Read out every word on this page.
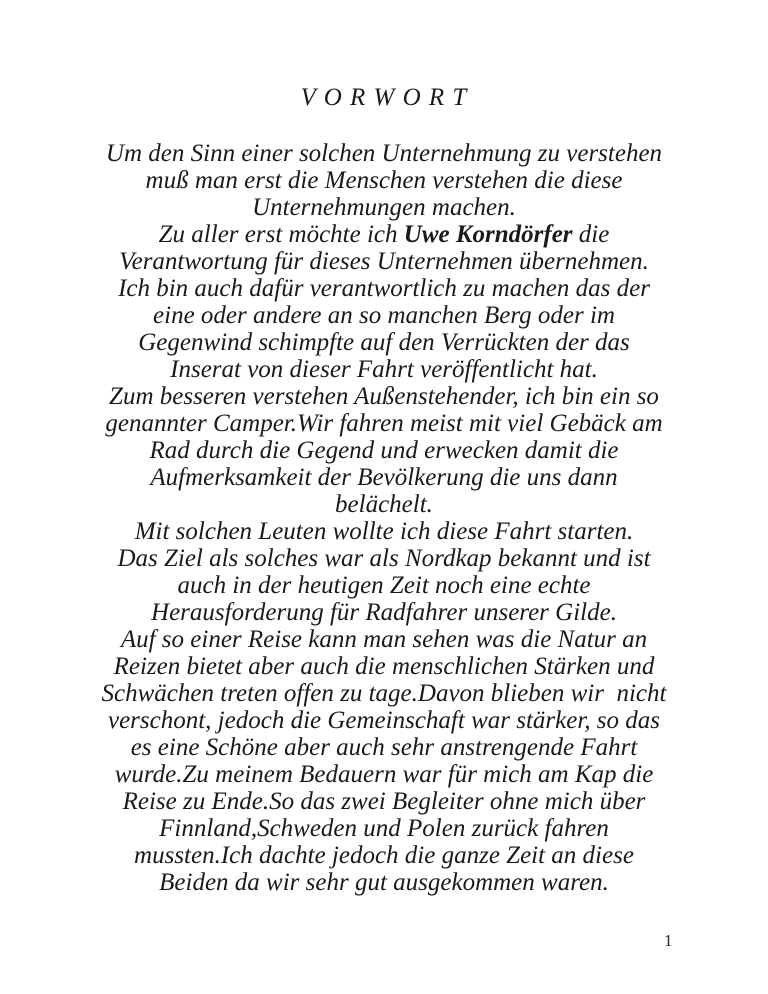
V O R W O R T
Um den Sinn einer solchen Unternehmung zu verstehen
muß man erst die Menschen verstehen die diese
Unternehmungen machen.
Zu aller erst möchte ich Uwe Korndörfer die
Verantwortung für dieses Unternehmen übernehmen.
Ich bin auch dafür verantwortlich zu machen das der
eine oder andere an so manchen Berg oder im
Gegenwind schimpfte auf den Verrückten der das
Inserat von dieser Fahrt veröffentlicht hat.
Zum besseren verstehen Außenstehender, ich bin ein so
genannter Camper.Wir fahren meist mit viel Gebäck am
Rad durch die Gegend und erwecken damit die
Aufmerksamkeit der Bevölkerung die uns dann
belächelt.
Mit solchen Leuten wollte ich diese Fahrt starten.
Das Ziel als solches war als Nordkap bekannt und ist
auch in der heutigen Zeit noch eine echte
Herausforderung für Radfahrer unserer Gilde.
Auf so einer Reise kann man sehen was die Natur an
Reizen bietet aber auch die menschlichen Stärken und
Schwächen treten offen zu tage.Davon blieben wir  nicht
verschont, jedoch die Gemeinschaft war stärker, so das
es eine Schöne aber auch sehr anstrengende Fahrt
wurde.Zu meinem Bedauern war für mich am Kap die
Reise zu Ende.So das zwei Begleiter ohne mich über
Finnland,Schweden und Polen zurück fahren
mussten.Ich dachte jedoch die ganze Zeit an diese
Beiden da wir sehr gut ausgekommen waren.
1
